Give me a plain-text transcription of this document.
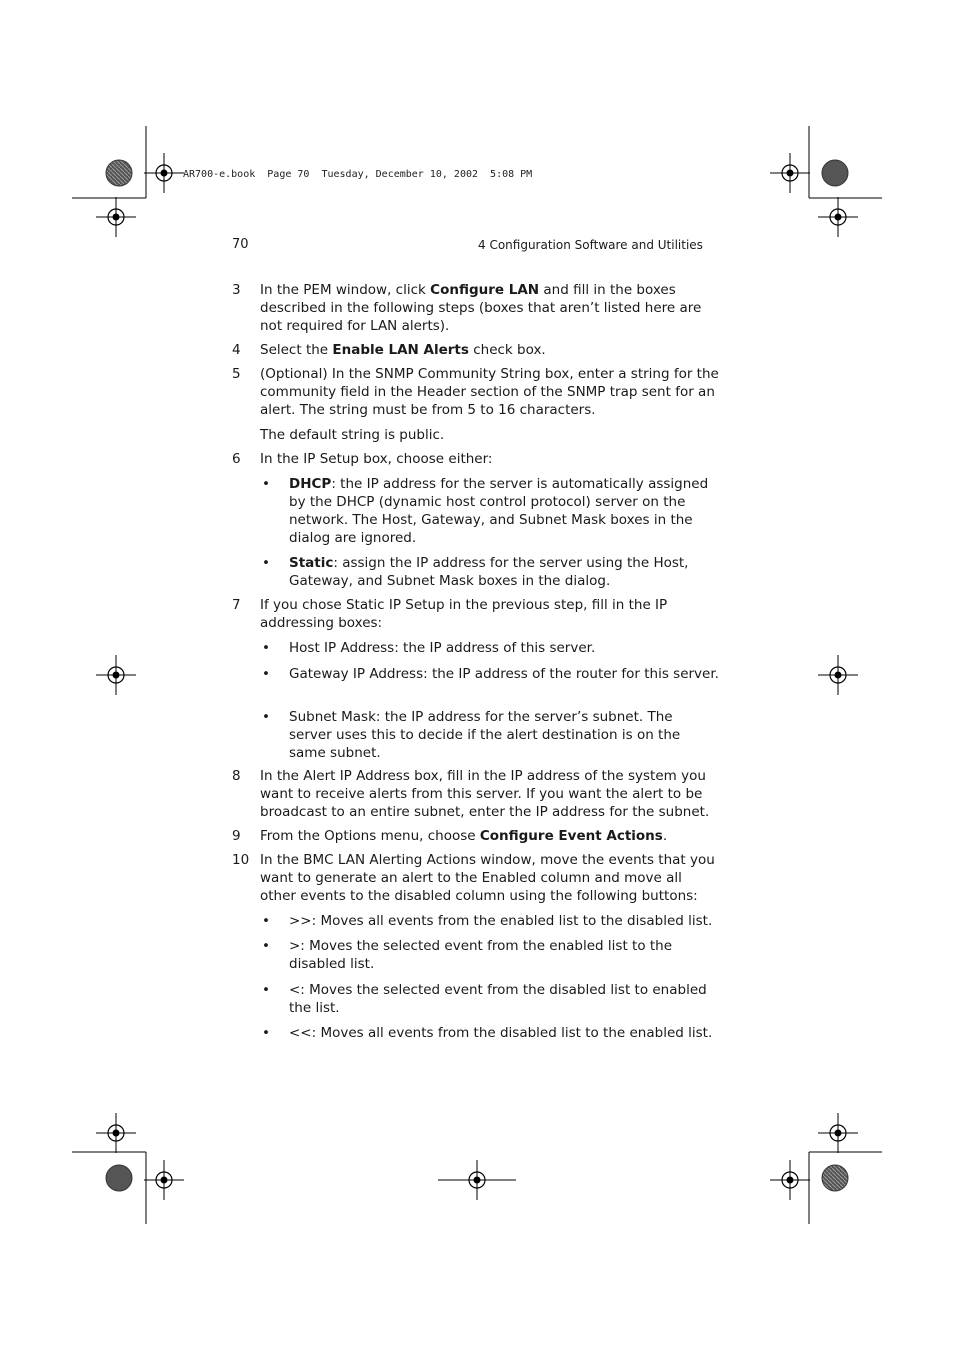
AR700-e.book  Page 70  Tuesday, December 10, 2002  5:08 PM
70	4 Configuration Software and Utilities
3 In the PEM window, click Configure LAN and fill in the boxes described in the following steps (boxes that aren’t listed here are not required for LAN alerts).

4 Select the Enable LAN Alerts check box.

5 (Optional) In the SNMP Community String box, enter a string for the community field in the Header section of the SNMP trap sent for an alert. The string must be from 5 to 16 characters.

The default string is public.

6 In the IP Setup box, choose either:

• DHCP: the IP address for the server is automatically assigned by the DHCP (dynamic host control protocol) server on the network. The Host, Gateway, and Subnet Mask boxes in the dialog are ignored.

• Static: assign the IP address for the server using the Host, Gateway, and Subnet Mask boxes in the dialog.

7 If you chose Static IP Setup in the previous step, fill in the IP addressing boxes:

• Host IP Address: the IP address of this server.

• Gateway IP Address: the IP address of the router for this server.

• Subnet Mask: the IP address for the server’s subnet. The server uses this to decide if the alert destination is on the same subnet.

8 In the Alert IP Address box, fill in the IP address of the system you want to receive alerts from this server. If you want the alert to be broadcast to an entire subnet, enter the IP address for the subnet.

9 From the Options menu, choose Configure Event Actions.

10 In the BMC LAN Alerting Actions window, move the events that you want to generate an alert to the Enabled column and move all other events to the disabled column using the following buttons:

• >>: Moves all events from the enabled list to the disabled list.

• >: Moves the selected event from the enabled list to the disabled list.

• <: Moves the selected event from the disabled list to enabled the list.

• <<: Moves all events from the disabled list to the enabled list.
